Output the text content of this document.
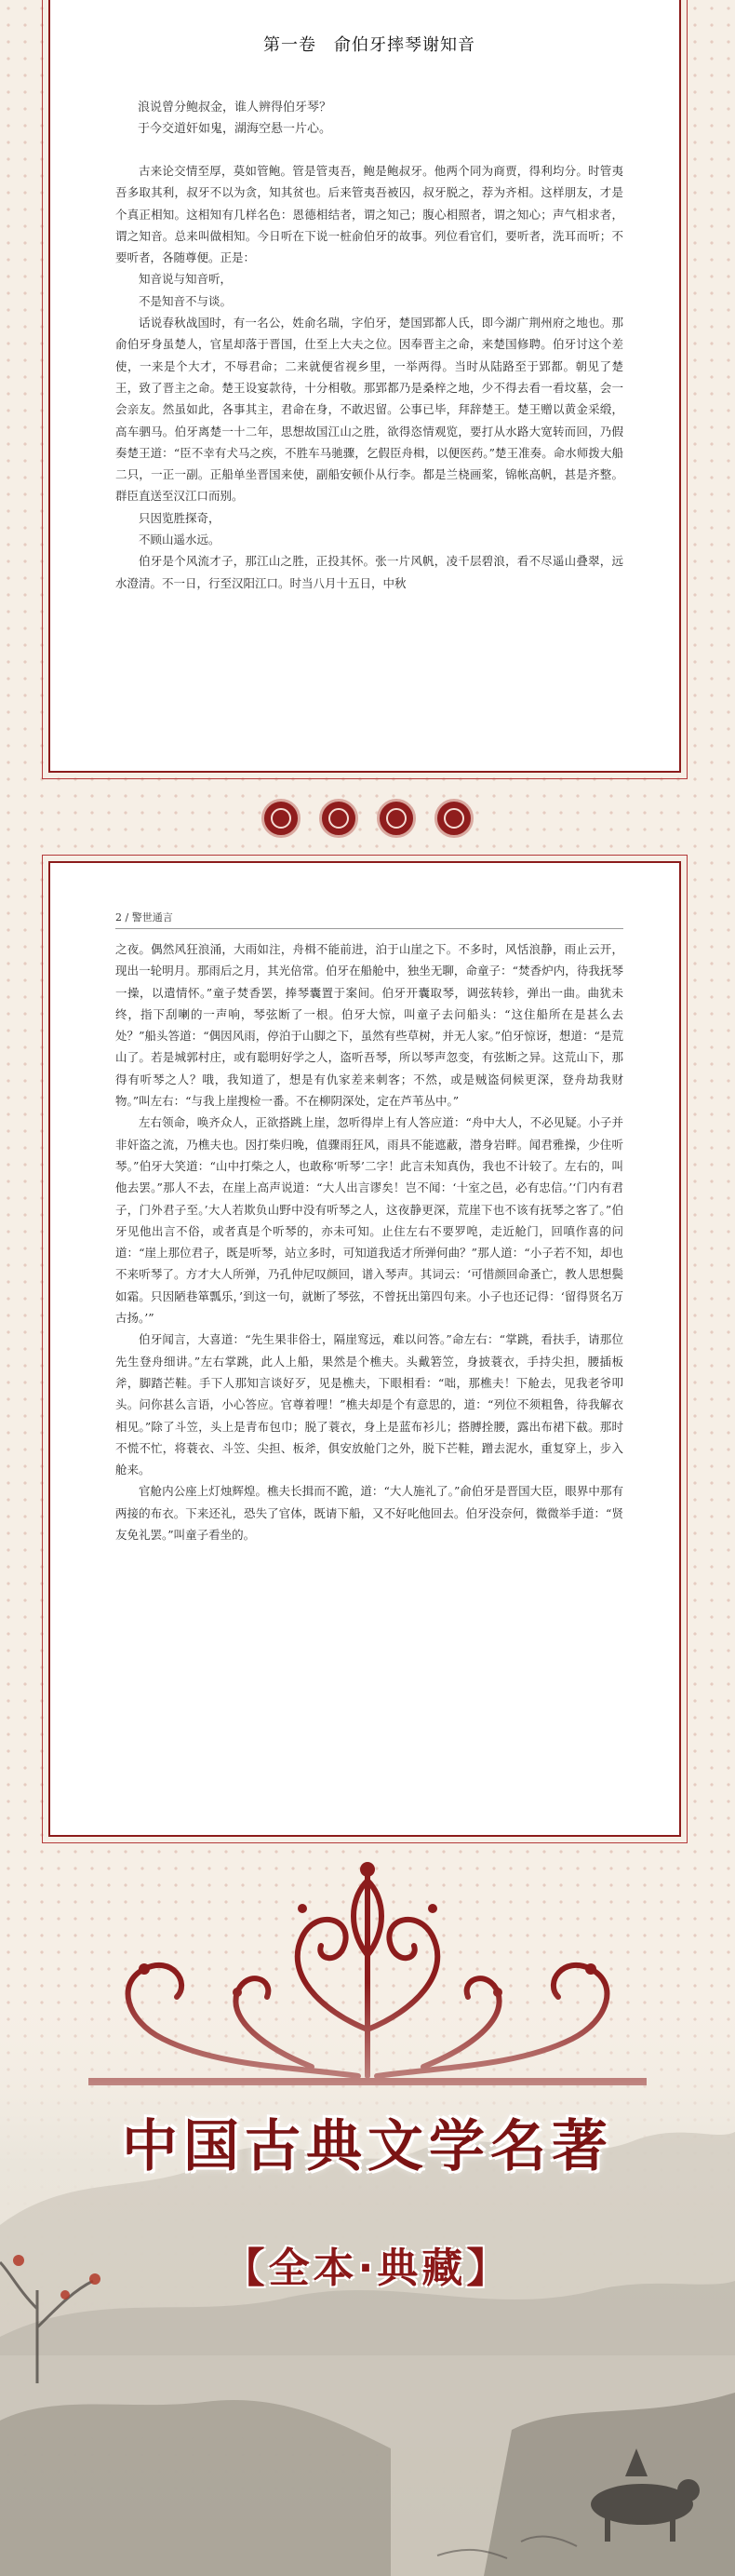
第一卷　俞伯牙摔琴谢知音
浪说曾分鲍叔金，谁人辨得伯牙琴？
于今交道奸如鬼，湖海空悬一片心。

古来论交情至厚，莫如管鲍。管是管夷吾，鲍是鲍叔牙。他两个同为商贾，得利均分。时管夷吾多取其利，叔牙不以为贪，知其贫也。后来管夷吾被囚，叔牙脱之，荐为齐相。这样朋友，才是个真正相知。这相知有几样名色：恩德相结者，谓之知己；腹心相照者，谓之知心；声气相求者，谓之知音。总来叫做相知。今日听在下说一桩俞伯牙的故事。列位看官们，要听者，洗耳而听；不要听者，各随尊便。正是：

知音说与知音听，

不是知音不与谈。

话说春秋战国时，有一名公，姓俞名瑞，字伯牙，楚国郢都人氏，即今湖广荆州府之地也。那俞伯牙身虽楚人，官星却落于晋国，仕至上大夫之位。因奉晋主之命，来楚国修聘。伯牙讨这个差使，一来是个大才，不辱君命；二来就便省视乡里，一举两得。当时从陆路至于郢都。朝见了楚王，致了晋主之命。楚王设宴款待，十分相敬。那郢都乃是桑梓之地，少不得去看一看坟墓，会一会亲友。然虽如此，各事其主，君命在身，不敢迟留。公事已毕，拜辞楚王。楚王赠以黄金采缎，高车驷马。伯牙离楚一十二年，思想故国江山之胜，欲得恣情观览，要打从水路大宽转而回，乃假奏楚王道：“臣不幸有犬马之疾，不胜车马驰骤，乞假臣舟楫，以便医药。”楚王准奏。命水师拨大船二只，一正一副。正船单坐晋国来使，副船安顿仆从行李。都是兰桡画桨，锦帐高帆，甚是齐整。群臣直送至汉江口而别。

只因览胜探奇，

不顾山遥水远。

伯牙是个风流才子，那江山之胜，正投其怀。张一片风帆，凌千层碧浪，看不尽遥山叠翠，远水澄清。不一日，行至汉阳江口。时当八月十五日，中秋

2 / 警世通言

之夜。偶然风狂浪涌，大雨如注，舟楫不能前进，泊于山崖之下。不多时，风恬浪静，雨止云开，现出一轮明月。那雨后之月，其光倍常。伯牙在船舱中，独坐无聊，命童子：“焚香炉内，待我抚琴一操，以遣情怀。”童子焚香罢，捧琴囊置于案间。伯牙开囊取琴，调弦转轸，弹出一曲。曲犹未终，指下刮喇的一声响，琴弦断了一根。伯牙大惊，叫童子去问船头：“这住船所在是甚么去处？”船头答道：“偶因风雨，停泊于山脚之下，虽然有些草树，并无人家。”伯牙惊讶，想道：“是荒山了。若是城郭村庄，或有聪明好学之人，盗听吾琴，所以琴声忽变，有弦断之异。这荒山下，那得有听琴之人？哦，我知道了，想是有仇家差来刺客；不然，或是贼盗伺候更深，登舟劫我财物。”叫左右：“与我上崖搜检一番。不在柳阴深处，定在芦苇丛中。”

左右领命，唤齐众人，正欲搭跳上崖，忽听得岸上有人答应道：“舟中大人，不必见疑。小子并非奸盗之流，乃樵夫也。因打柴归晚，值骤雨狂风，雨具不能遮蔽，潜身岩畔。闻君雅操，少住听琴。”伯牙大笑道：“山中打柴之人，也敢称‘听琴’二字！此言未知真伪，我也不计较了。左右的，叫他去罢。”那人不去，在崖上高声说道：“大人出言谬矣！岂不闻：‘十室之邑，必有忠信。’‘门内有君子，门外君子至。’大人若欺负山野中没有听琴之人，这夜静更深，荒崖下也不该有抚琴之客了。”伯牙见他出言不俗，或者真是个听琴的，亦未可知。止住左右不要罗唣，走近舱门，回嗔作喜的问道：“崖上那位君子，既是听琴，站立多时，可知道我适才所弹何曲？”那人道：“小子若不知，却也不来听琴了。方才大人所弹，乃孔仲尼叹颜回，谱入琴声。其词云：‘可惜颜回命蚤亡，教人思想鬓如霜。只因陋巷箪瓢乐，’到这一句，就断了琴弦，不曾抚出第四句来。小子也还记得：‘留得贤名万古扬。’”

伯牙闻言，大喜道：“先生果非俗士，隔崖窎远，难以问答。”命左右：“掌跳，看扶手，请那位先生登舟细讲。”左右掌跳，此人上船，果然是个樵夫。头戴箬笠，身披蓑衣，手持尖担，腰插板斧，脚踏芒鞋。手下人那知言谈好歹，见是樵夫，下眼相看：“咄，那樵夫！下舱去，见我老爷叩头。问你甚么言语，小心答应。官尊着哩！”樵夫却是个有意思的，道：“列位不须粗鲁，待我解衣相见。”除了斗笠，头上是青布包巾；脱了蓑衣，身上是蓝布衫儿；搭膊拴腰，露出布裙下截。那时不慌不忙，将蓑衣、斗笠、尖担、板斧，俱安放舱门之外，脱下芒鞋，蹭去泥水，重复穿上，步入舱来。

官舱内公座上灯烛辉煌。樵夫长揖而不跪，道：“大人施礼了。”俞伯牙是晋国大臣，眼界中那有两接的布衣。下来还礼，恐失了官体，既请下船，又不好叱他回去。伯牙没奈何，微微举手道：“贤友免礼罢。”叫童子看坐的。

中国古典文学名著
【全本·典藏】
